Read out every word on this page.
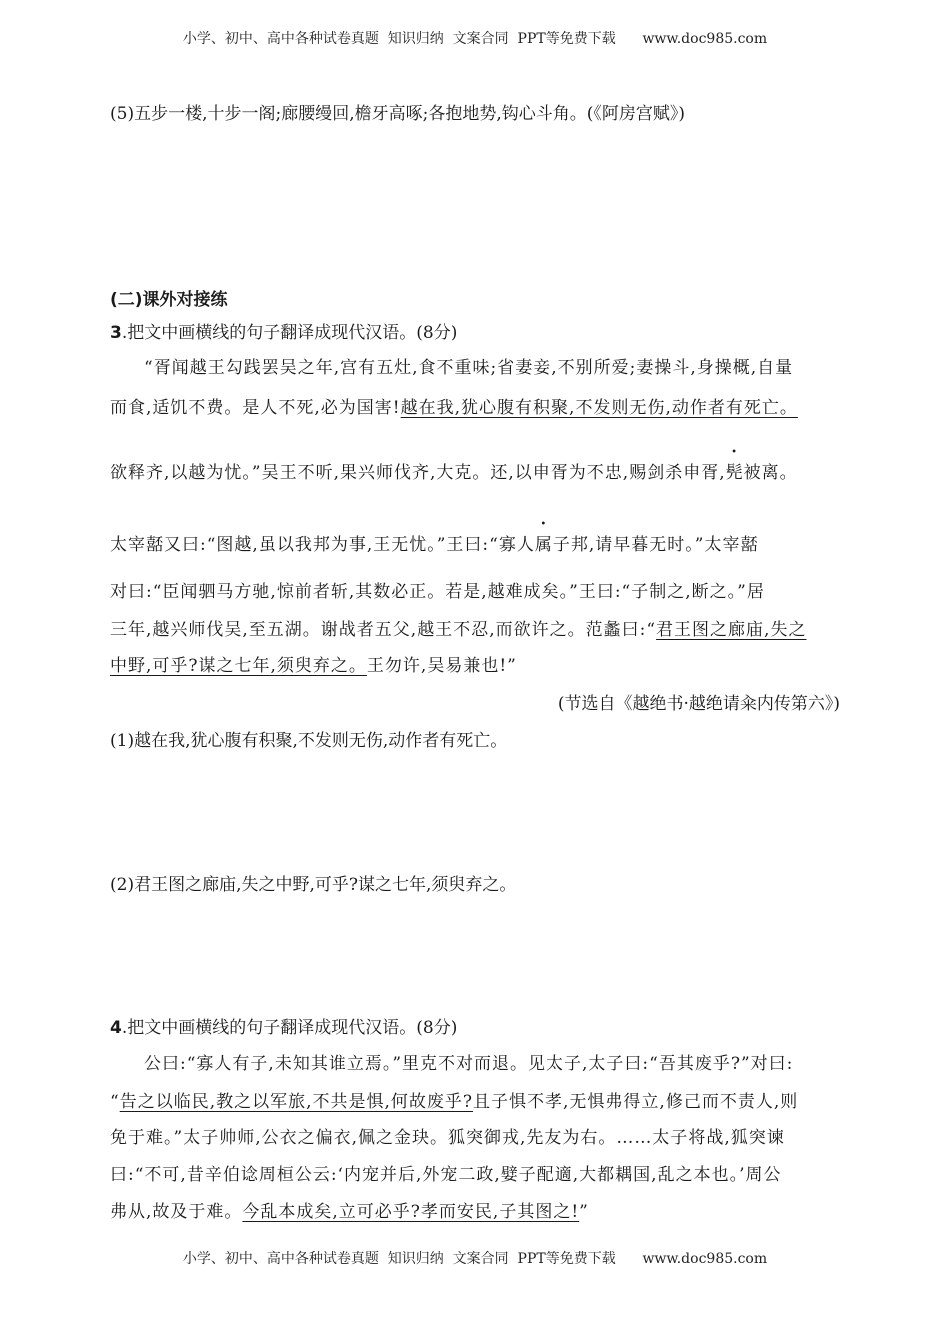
小学、初中、高中各种试卷真题  知识归纳  文案合同  PPT等免费下载      www.doc985.com
(5)五步一楼,十步一阁;廊腰缦回,檐牙高啄;各抱地势,钩心斗角。(《阿房宫赋》)
(二)课外对接练
3.把文中画横线的句子翻译成现代汉语。(8分)
“胥闻越王勾践罢吴之年,宫有五灶,食不重味;省妻妾,不别所爱;妻操斗,身操概,自量
而食,适饥不费。是人不死,必为国害!越在我,犹心腹有积聚,不发则无伤,动作者有死亡。
欲释齐,以越为忧。”吴王不听,果兴师伐齐,大克。还,以申胥为不忠,赐剑杀申胥,髡被离。
太宰嚭又曰:“图越,虽以我邦为事,王无忧。”王曰:“寡人属子邦,请早暮无时。”太宰嚭
对曰:“臣闻驷马方驰,惊前者斩,其数必正。若是,越难成矣。”王曰:“子制之,断之。”居
三年,越兴师伐吴,至五湖。谢战者五父,越王不忍,而欲许之。范蠡曰:“君王图之廊庙,失之
中野,可乎?谋之七年,须臾弃之。王勿许,吴易兼也!”
(节选自《越绝书·越绝请籴内传第六》)
(1)越在我,犹心腹有积聚,不发则无伤,动作者有死亡。
(2)君王图之廊庙,失之中野,可乎?谋之七年,须臾弃之。
4.把文中画横线的句子翻译成现代汉语。(8分)
公曰:“寡人有子,未知其谁立焉。”里克不对而退。见太子,太子曰:“吾其废乎?”对曰:
“告之以临民,教之以军旅,不共是惧,何故废乎?且子惧不孝,无惧弗得立,修己而不责人,则
免于难。”太子帅师,公衣之偏衣,佩之金玦。狐突御戎,先友为右。……太子将战,狐突谏
曰:“不可,昔辛伯谂周桓公云:‘内宠并后,外宠二政,嬖子配適,大都耦国,乱之本也。’周公
弗从,故及于难。今乱本成矣,立可必乎?孝而安民,子其图之!”
小学、初中、高中各种试卷真题  知识归纳  文案合同  PPT等免费下载      www.doc985.com
